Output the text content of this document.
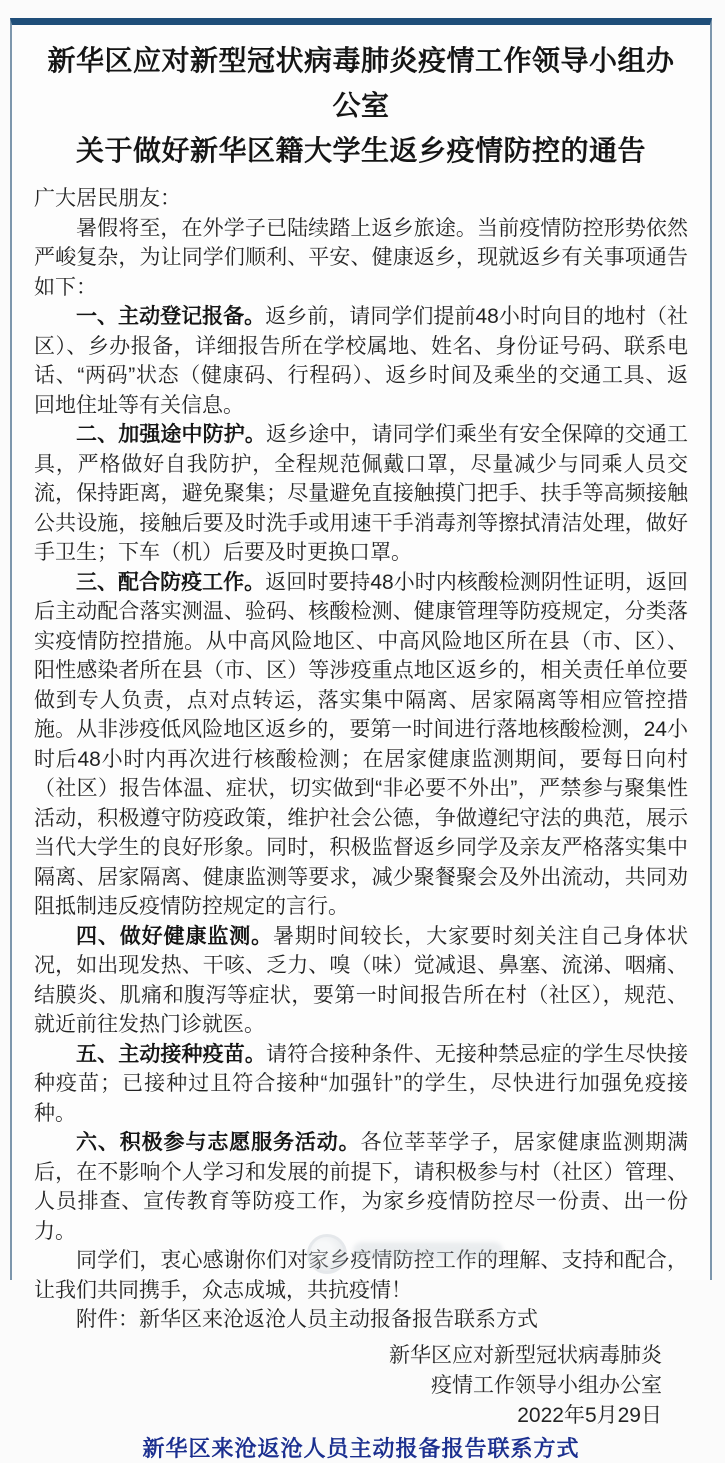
新华区应对新型冠状病毒肺炎疫情工作领导小组办公室
关于做好新华区籍大学生返乡疫情防控的通告

广大居民朋友：

暑假将至，在外学子已陆续踏上返乡旅途。当前疫情防控形势依然严峻复杂，为让同学们顺利、平安、健康返乡，现就返乡有关事项通告如下：

一、主动登记报备。返乡前，请同学们提前48小时向目的地村（社区）、乡办报备，详细报告所在学校属地、姓名、身份证号码、联系电话、“两码”状态（健康码、行程码）、返乡时间及乘坐的交通工具、返回地住址等有关信息。

二、加强途中防护。返乡途中，请同学们乘坐有安全保障的交通工具，严格做好自我防护，全程规范佩戴口罩，尽量减少与同乘人员交流，保持距离，避免聚集；尽量避免直接触摸门把手、扶手等高频接触公共设施，接触后要及时洗手或用速干手消毒剂等擦拭清洁处理，做好手卫生；下车（机）后要及时更换口罩。

三、配合防疫工作。返回时要持48小时内核酸检测阴性证明，返回后主动配合落实测温、验码、核酸检测、健康管理等防疫规定，分类落实疫情防控措施。从中高风险地区、中高风险地区所在县（市、区）、阳性感染者所在县（市、区）等涉疫重点地区返乡的，相关责任单位要做到专人负责，点对点转运，落实集中隔离、居家隔离等相应管控措施。从非涉疫低风险地区返乡的，要第一时间进行落地核酸检测，24小时后48小时内再次进行核酸检测；在居家健康监测期间，要每日向村（社区）报告体温、症状，切实做到“非必要不外出”，严禁参与聚集性活动，积极遵守防疫政策，维护社会公德，争做遵纪守法的典范，展示当代大学生的良好形象。同时，积极监督返乡同学及亲友严格落实集中隔离、居家隔离、健康监测等要求，减少聚餐聚会及外出流动，共同劝阻抵制违反疫情防控规定的言行。

四、做好健康监测。暑期时间较长，大家要时刻关注自己身体状况，如出现发热、干咳、乏力、嗅（味）觉减退、鼻塞、流涕、咽痛、结膜炎、肌痛和腹泻等症状，要第一时间报告所在村（社区），规范、就近前往发热门诊就医。

五、主动接种疫苗。请符合接种条件、无接种禁忌症的学生尽快接种疫苗；已接种过且符合接种“加强针”的学生，尽快进行加强免疫接种。

六、积极参与志愿服务活动。各位莘莘学子，居家健康监测期满后，在不影响个人学习和发展的前提下，请积极参与村（社区）管理、人员排查、宣传教育等防疫工作，为家乡疫情防控尽一份责、出一份力。

同学们，衷心感谢你们对家乡疫情防控工作的理解、支持和配合，让我们共同携手，众志成城，共抗疫情！

附件：新华区来沧返沧人员主动报备报告联系方式

新华区应对新型冠状病毒肺炎
疫情工作领导小组办公室
2022年5月29日
新华区来沧返沧人员主动报备报告联系方式
